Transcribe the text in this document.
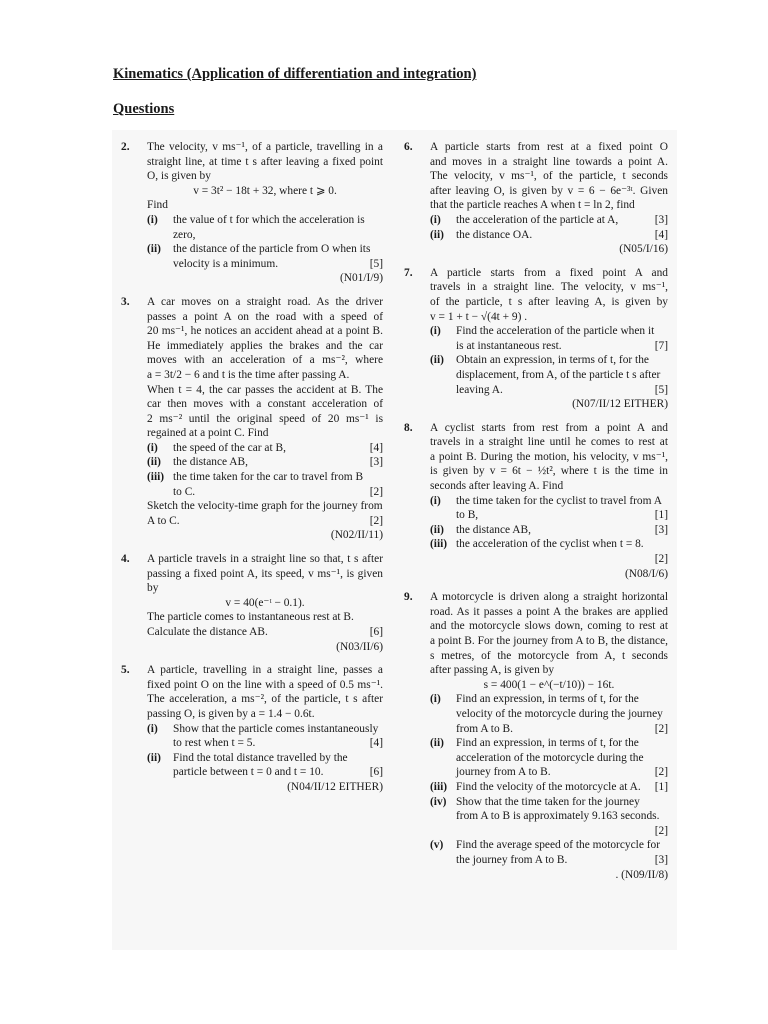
Kinematics (Application of differentiation and integration)
Questions
2.	The velocity, v ms⁻¹, of a particle, travelling in a
straight line, at time t s after leaving a fixed point
O, is given by
v = 3t² − 18t + 32, where t ⩾ 0.
Find
(i) the value of t for which the acceleration is
zero,
(ii) the distance of the particle from O when its
velocity is a minimum.	[5]
(N01/I/9)
3.	A car moves on a straight road. As the driver
passes a point A on the road with a speed of
20 ms⁻¹, he notices an accident ahead at a point B.
He immediately applies the brakes and the car
moves with an acceleration of a ms⁻², where
a = 3t/2 − 6 and t is the time after passing A.
When t = 4, the car passes the accident at B. The
car then moves with a constant acceleration of
2 ms⁻² until the original speed of 20 ms⁻¹ is
regained at a point C. Find
(i) the speed of the car at B,	[4]
(ii) the distance AB,	[3]
(iii) the time taken for the car to travel from B
to C.	[2]
Sketch the velocity-time graph for the journey from
A to C.	[2]
(N02/II/11)
4.	A particle travels in a straight line so that, t s after
passing a fixed point A, its speed, v ms⁻¹, is given
by
v = 40(e⁻ᵗ − 0.1).
The particle comes to instantaneous rest at B.
Calculate the distance AB.	[6]
(N03/II/6)
5.	A particle, travelling in a straight line, passes a
fixed point O on the line with a speed of 0.5 ms⁻¹.
The acceleration, a ms⁻², of the particle, t s after
passing O, is given by a = 1.4 − 0.6t.
(i) Show that the particle comes instantaneously
to rest when t = 5.	[4]
(ii) Find the total distance travelled by the
particle between t = 0 and t = 10.	[6]
(N04/II/12 EITHER)
6.	A particle starts from rest at a fixed point O
and moves in a straight line towards a point A.
The velocity, v ms⁻¹, of the particle, t seconds
after leaving O, is given by v = 6 − 6e⁻³ᵗ. Given
that the particle reaches A when t = ln 2, find
(i) the acceleration of the particle at A,	[3]
(ii) the distance OA.	[4]
(N05/I/16)
7.	A particle starts from a fixed point A and
travels in a straight line. The velocity, v ms⁻¹,
of the particle, t s after leaving A, is given by
v = 1 + t − √(4t + 9) .
(i) Find the acceleration of the particle when it
is at instantaneous rest.	[7]
(ii) Obtain an expression, in terms of t, for the
displacement, from A, of the particle t s after
leaving A.	[5]
(N07/II/12 EITHER)
8.	A cyclist starts from rest from a point A and
travels in a straight line until he comes to rest at
a point B. During the motion, his velocity, v ms⁻¹,
is given by v = 6t − ½t², where t is the time in
seconds after leaving A. Find
(i) the time taken for the cyclist to travel from A
to B,	[1]
(ii) the distance AB,	[3]
(iii) the acceleration of the cyclist when t = 8.
[2]
(N08/I/6)
9.	A motorcycle is driven along a straight horizontal
road. As it passes a point A the brakes are applied
and the motorcycle slows down, coming to rest at
a point B. For the journey from A to B, the distance,
s metres, of the motorcycle from A, t seconds
after passing A, is given by
s = 400(1 − e^(−t/10)) − 16t.
(i) Find an expression, in terms of t, for the
velocity of the motorcycle during the journey
from A to B.	[2]
(ii) Find an expression, in terms of t, for the
acceleration of the motorcycle during the
journey from A to B.	[2]
(iii) Find the velocity of the motorcycle at A. [1]
(iv) Show that the time taken for the journey
from A to B is approximately 9.163 seconds.
[2]
(v) Find the average speed of the motorcycle for
the journey from A to B.	[3]
. (N09/II/8)
